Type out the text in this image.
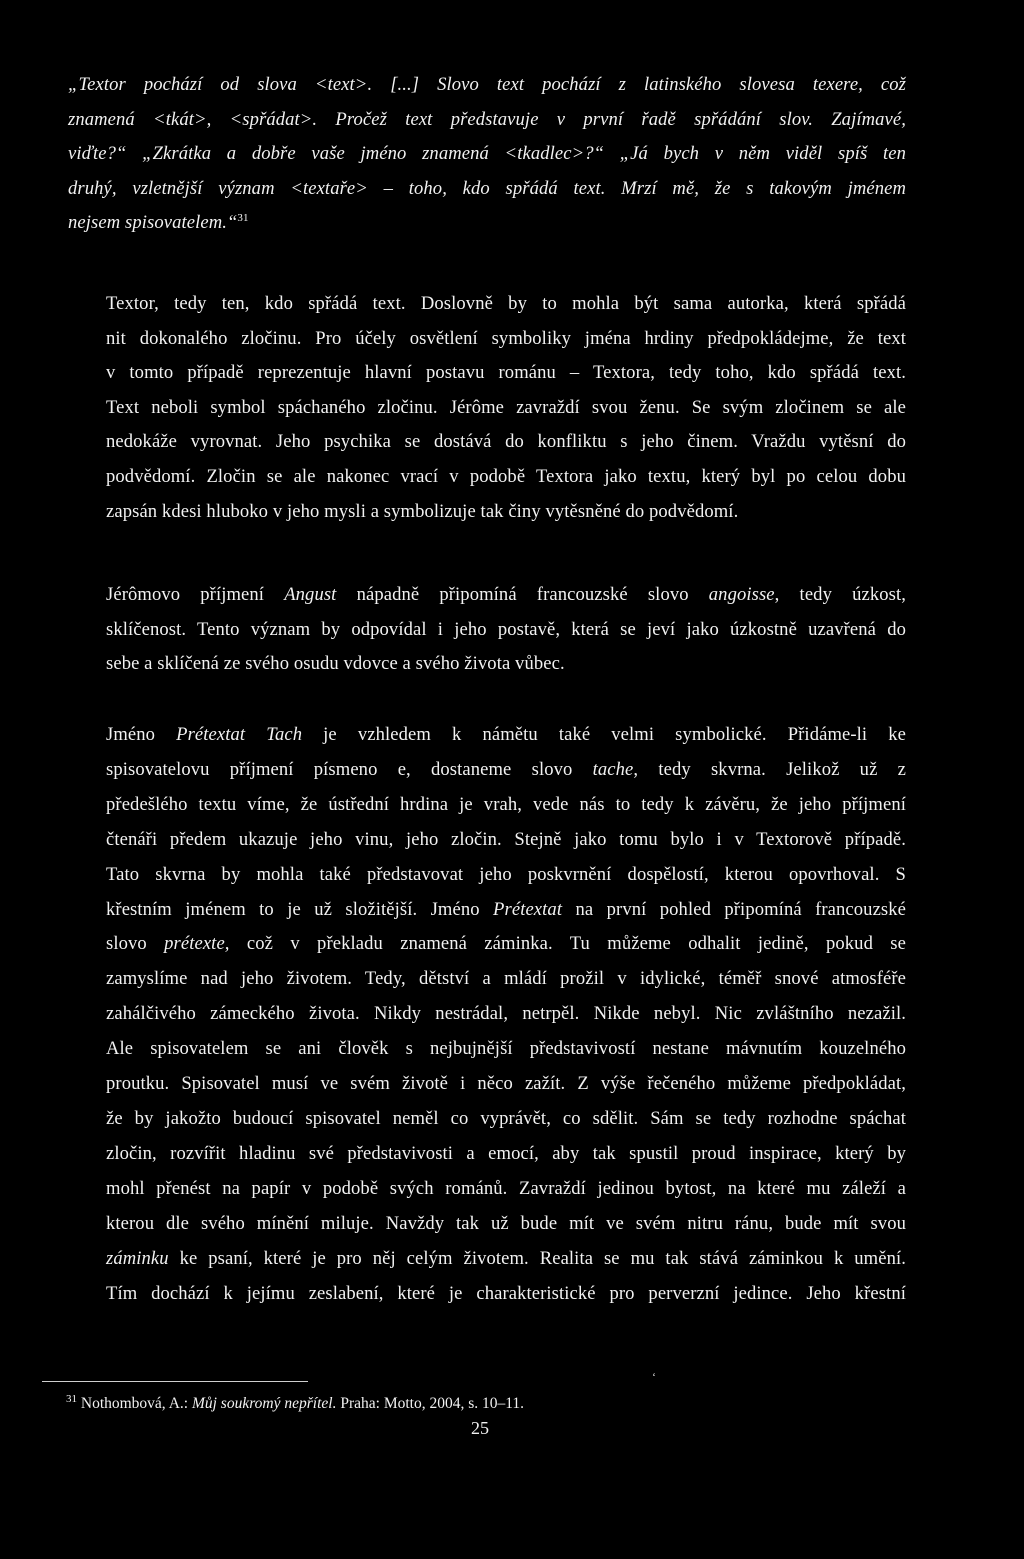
„Textor pochází od slova <text>. [...] Slovo text pochází z latinského slovesa texere, což
znamená <tkát>, <spřádat>. Pročež text představuje v první řadě spřádání slov. Zajímavé,
viďte?“ „Zkrátka a dobře vaše jméno znamená <tkadlec>?“ „Já bych v něm viděl spíš ten
druhý, vzletnější význam <textaře> – toho, kdo spřádá text. Mrzí mě, že s takovým jménem
nejsem spisovatelem.“$^{31}$
Textor, tedy ten, kdo spřádá text. Doslovně by to mohla být sama autorka, která spřádá
nit dokonalého zločinu. Pro účely osvětlení symboliky jména hrdiny předpokládejme, že text
v tomto případě reprezentuje hlavní postavu románu – Textora, tedy toho, kdo spřádá text.
Text neboli symbol spáchaného zločinu. Jérôme zavraždí svou ženu. Se svým zločinem se ale
nedokáže vyrovnat. Jeho psychika se dostává do konfliktu s jeho činem. Vraždu vytěsní do
podvědomí. Zločin se ale nakonec vrací v podobě Textora jako textu, který byl po celou dobu
zapsán kdesi hluboko v jeho mysli a symbolizuje tak činy vytěsněné do podvědomí.
Jérômovo příjmení Angust nápadně připomíná francouzské slovo angoisse, tedy úzkost,
sklíčenost. Tento význam by odpovídal i jeho postavě, která se jeví jako úzkostně uzavřená do
sebe a sklíčená ze svého osudu vdovce a svého života vůbec.
Jméno Prétextat Tach je vzhledem k námětu také velmi symbolické. Přidáme-li ke
spisovatelovu příjmení písmeno e, dostaneme slovo tache, tedy skvrna. Jelikož už z
předešlého textu víme, že ústřední hrdina je vrah, vede nás to tedy k závěru, že jeho příjmení
čtenáři předem ukazuje jeho vinu, jeho zločin. Stejně jako tomu bylo i v Textorově případě.
Tato skvrna by mohla také představovat jeho poskvrnění dospělostí, kterou opovrhoval. S
křestním jménem to je už složitější. Jméno Prétextat na první pohled připomíná francouzské
slovo prétexte, což v překladu znamená záminka. Tu můžeme odhalit jedině, pokud se
zamyslíme nad jeho životem. Tedy, dětství a mládí prožil v idylické, téměř snové atmosféře
zahálčivého zámeckého života. Nikdy nestrádal, netrpěl. Nikde nebyl. Nic zvláštního nezažil.
Ale spisovatelem se ani člověk s nejbujnější představivostí nestane mávnutím kouzelného
proutku. Spisovatel musí ve svém životě i něco zažít. Z výše řečeného můžeme předpokládat,
že by jakožto budoucí spisovatel neměl co vyprávět, co sdělit. Sám se tedy rozhodne spáchat
zločin, rozvířit hladinu své představivosti a emocí, aby tak spustil proud inspirace, který by
mohl přenést na papír v podobě svých románů. Zavraždí jedinou bytost, na které mu záleží a
kterou dle svého mínění miluje. Navždy tak už bude mít ve svém nitru ránu, bude mít svou
záminku ke psaní, které je pro něj celým životem. Realita se mu tak stává záminkou k umění.
Tím dochází k jejímu zeslabení, které je charakteristické pro perverzní jedince. Jeho křestní
‘
$^{31}$ Nothombová, A.: Můj soukromý nepřítel. Praha: Motto, 2004, s. 10–11.
25
